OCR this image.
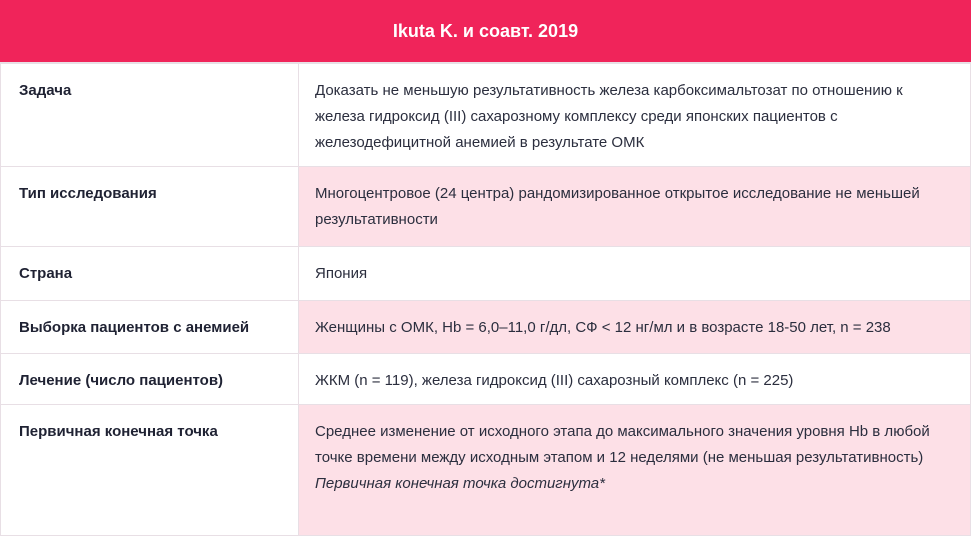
Ikuta K. и соавт. 2019
Задача	Доказать не меньшую результативность железа карбоксимальтозат по отношению к железа гидроксид (III) сахарозному комплексу среди японских пациентов с железодефицитной анемией в результате ОМК
Тип исследования	Многоцентровое (24 центра) рандомизированное открытое исследование не меньшей результативности
Страна	Япония
Выборка пациентов с анемией	Женщины с ОМК, Hb = 6,0–11,0 г/дл, СФ < 12 нг/мл и в возрасте 18-50 лет, n = 238
Лечение (число пациентов)	ЖКМ (n = 119), железа гидроксид (III) сахарозный комплекс (n = 225)
Первичная конечная точка	Среднее изменение от исходного этапа до максимального значения уровня Hb в любой точке времени между исходным этапом и 12 неделями (не меньшая результативность)
Первичная конечная точка достигнута*
